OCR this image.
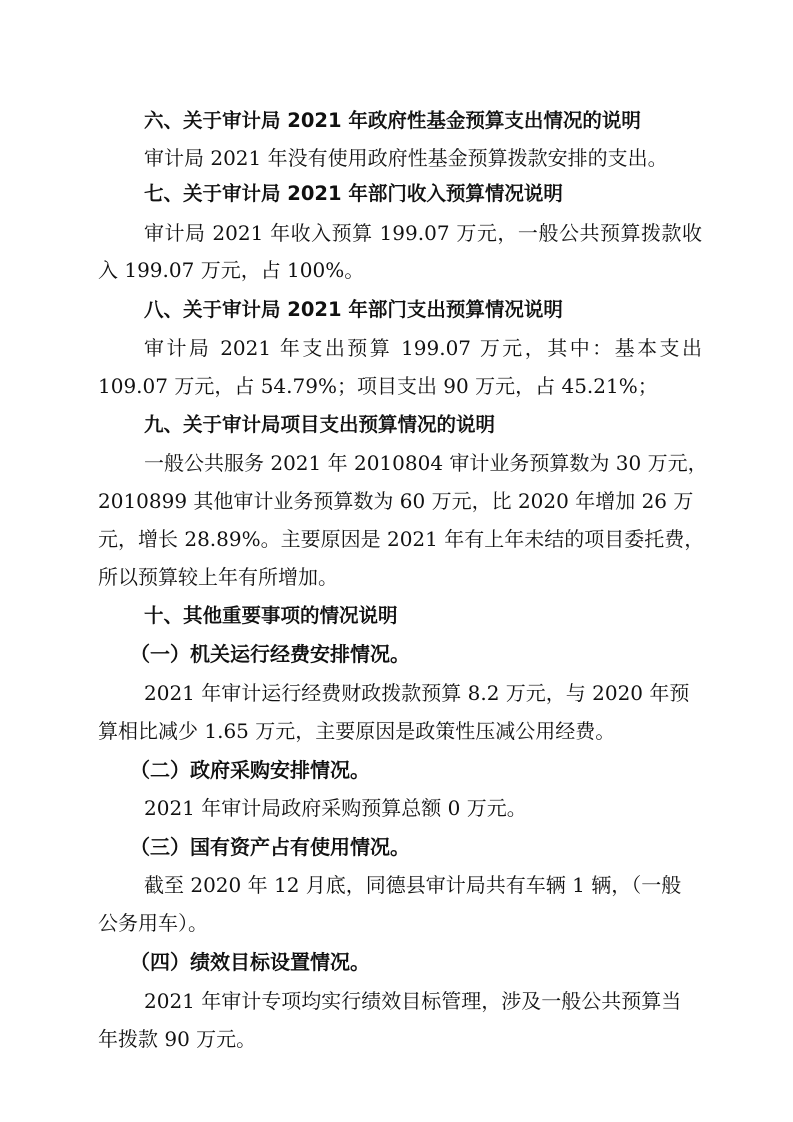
六、关于审计局 2021 年政府性基金预算支出情况的说明
审计局 2021 年没有使用政府性基金预算拨款安排的支出。
七、关于审计局 2021 年部门收入预算情况说明
审计局 2021 年收入预算 199.07 万元，一般公共预算拨款收
入 199.07 万元，占 100%。
八、关于审计局 2021 年部门支出预算情况说明
审计局 2021 年支出预算 199.07 万元，其中：基本支出
109.07 万元，占 54.79%；项目支出 90 万元，占 45.21%；
九、关于审计局项目支出预算情况的说明
一般公共服务 2021 年 2010804 审计业务预算数为 30 万元，
2010899 其他审计业务预算数为 60 万元，比 2020 年增加 26 万
元，增长 28.89%。主要原因是 2021 年有上年未结的项目委托费，
所以预算较上年有所增加。
十、其他重要事项的情况说明
（一）机关运行经费安排情况。
2021 年审计运行经费财政拨款预算 8.2 万元，与 2020 年预
算相比减少 1.65 万元，主要原因是政策性压减公用经费。
（二）政府采购安排情况。
2021 年审计局政府采购预算总额 0 万元。
（三）国有资产占有使用情况。
截至 2020 年 12 月底，同德县审计局共有车辆 1 辆，（一般
公务用车）。
（四）绩效目标设置情况。
2021 年审计专项均实行绩效目标管理，涉及一般公共预算当
年拨款 90 万元。
